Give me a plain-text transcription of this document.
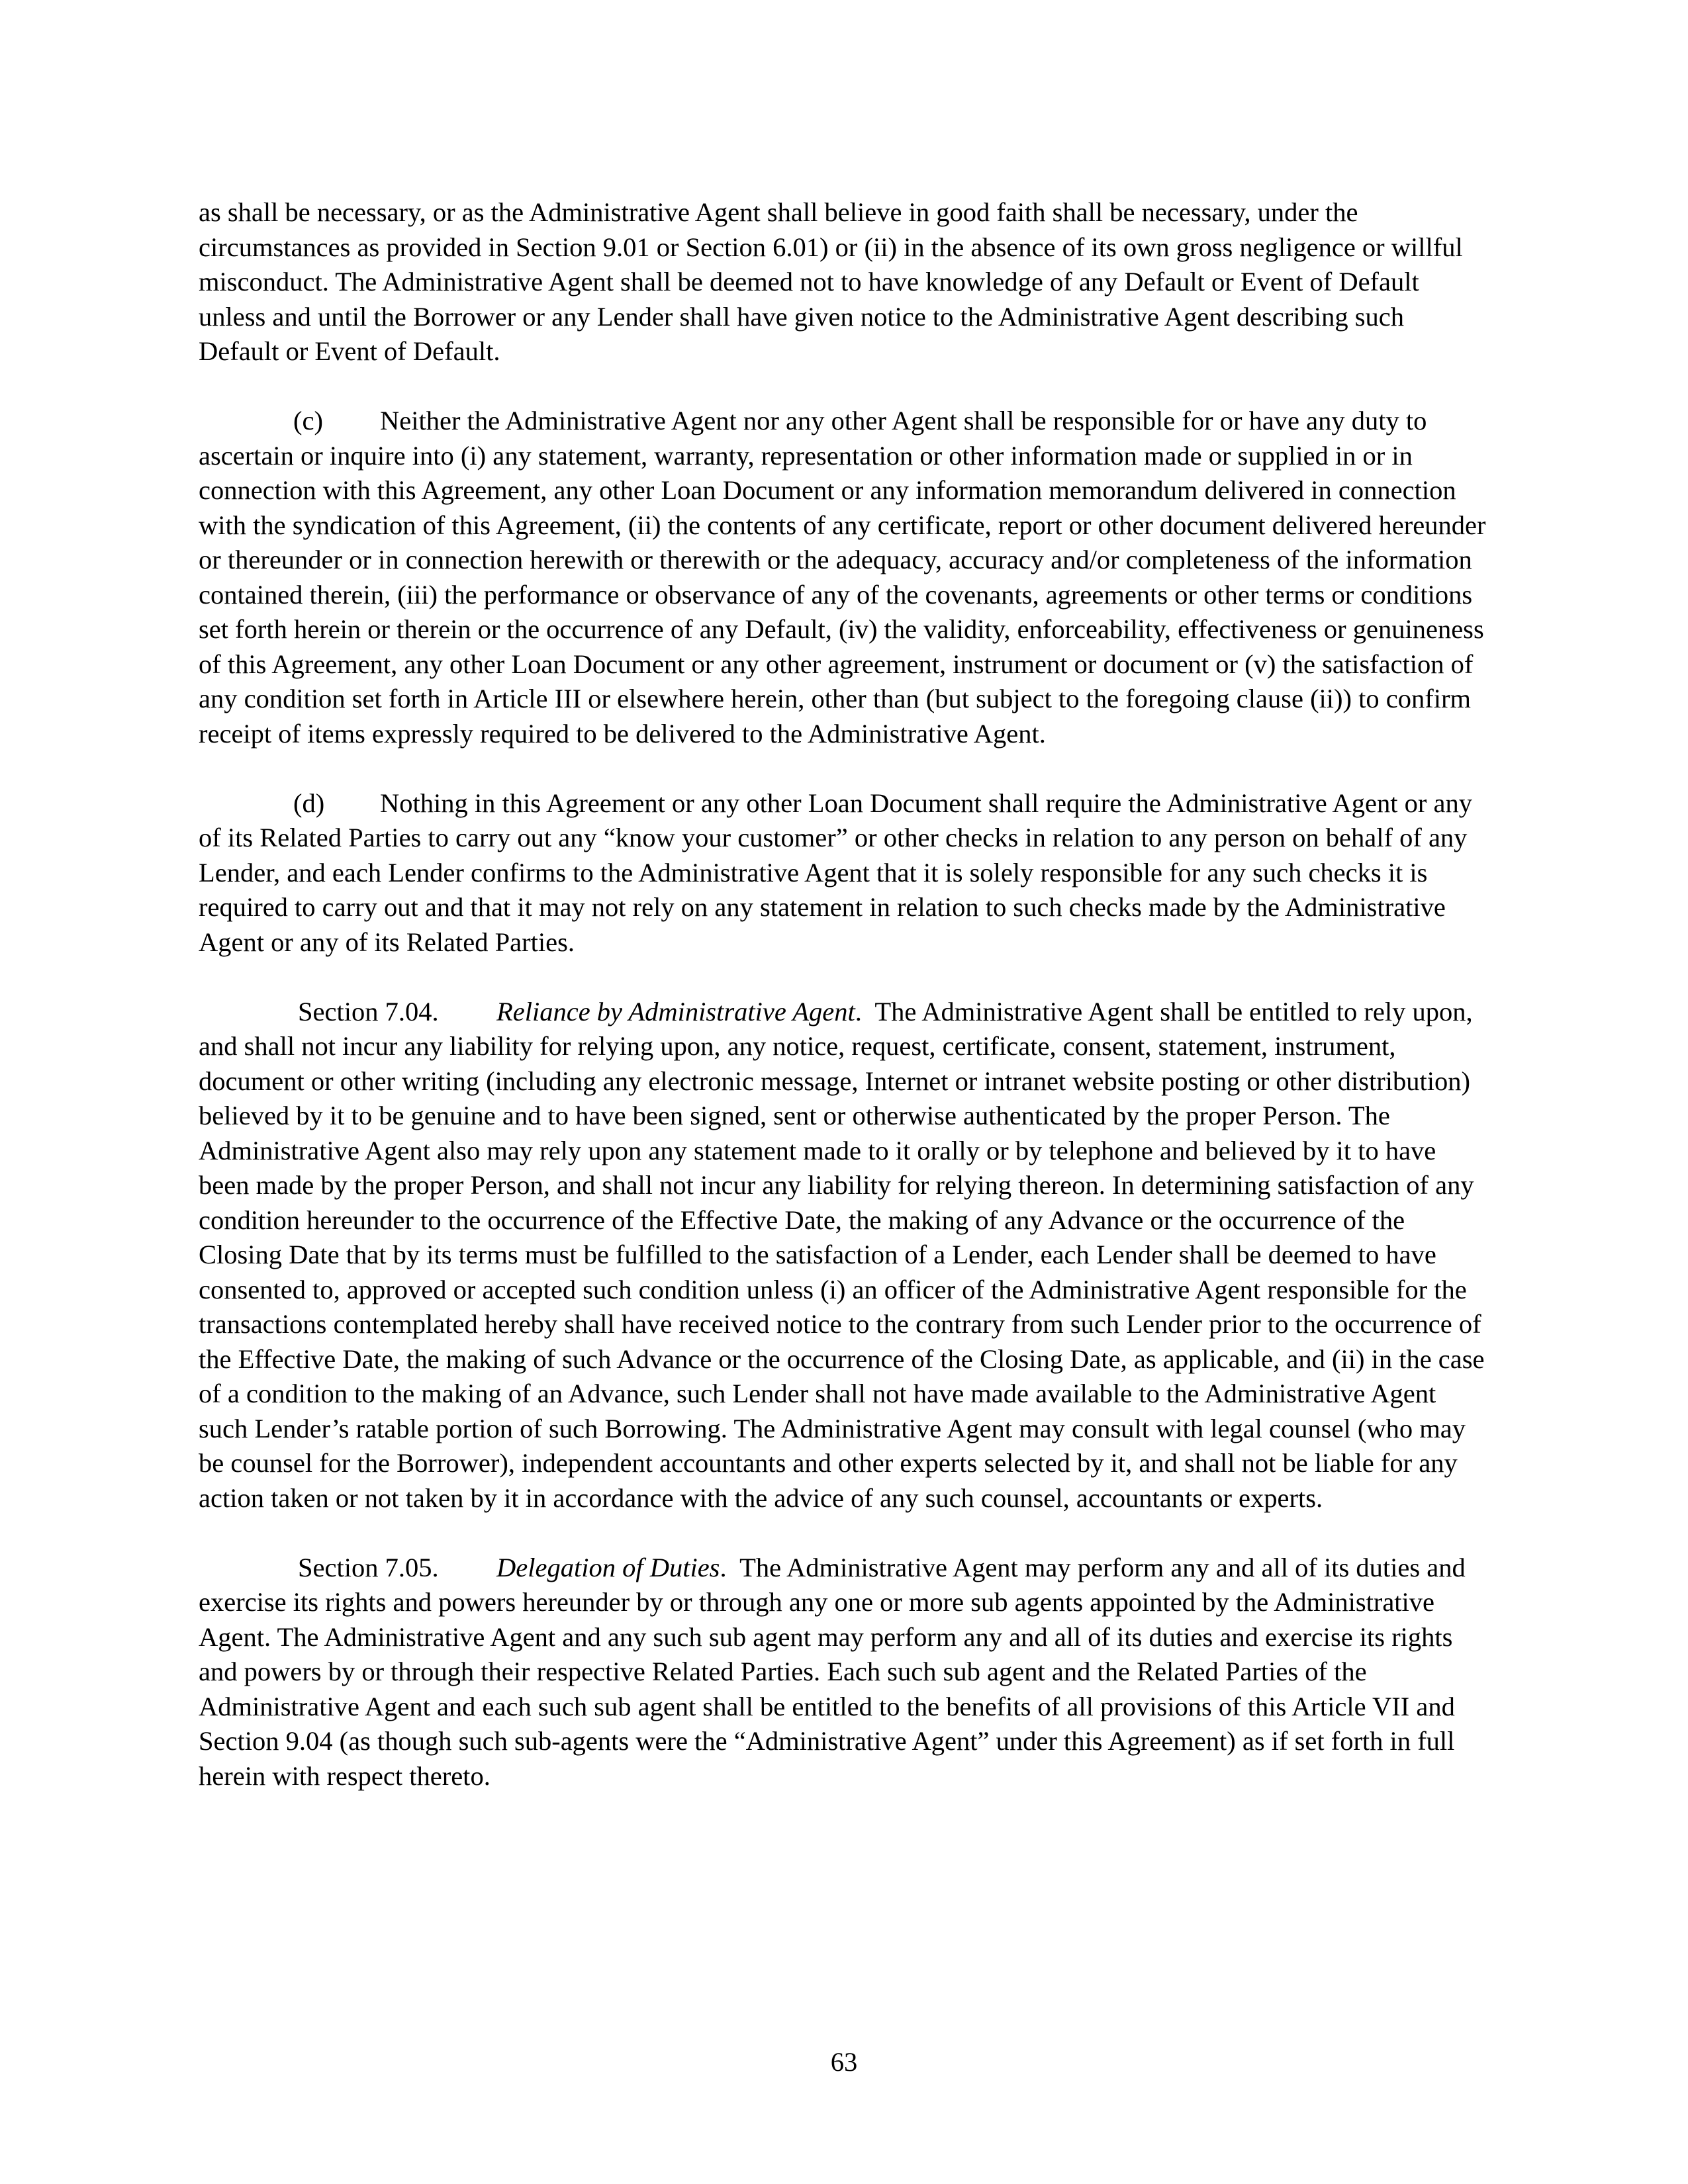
as shall be necessary, or as the Administrative Agent shall believe in good faith shall be necessary, under the circumstances as provided in Section 9.01 or Section 6.01) or (ii) in the absence of its own gross negligence or willful misconduct. The Administrative Agent shall be deemed not to have knowledge of any Default or Event of Default unless and until the Borrower or any Lender shall have given notice to the Administrative Agent describing such Default or Event of Default.

(c) Neither the Administrative Agent nor any other Agent shall be responsible for or have any duty to ascertain or inquire into (i) any statement, warranty, representation or other information made or supplied in or in connection with this Agreement, any other Loan Document or any information memorandum delivered in connection with the syndication of this Agreement, (ii) the contents of any certificate, report or other document delivered hereunder or thereunder or in connection herewith or therewith or the adequacy, accuracy and/or completeness of the information contained therein, (iii) the performance or observance of any of the covenants, agreements or other terms or conditions set forth herein or therein or the occurrence of any Default, (iv) the validity, enforceability, effectiveness or genuineness of this Agreement, any other Loan Document or any other agreement, instrument or document or (v) the satisfaction of any condition set forth in Article III or elsewhere herein, other than (but subject to the foregoing clause (ii)) to confirm receipt of items expressly required to be delivered to the Administrative Agent.

(d) Nothing in this Agreement or any other Loan Document shall require the Administrative Agent or any of its Related Parties to carry out any “know your customer” or other checks in relation to any person on behalf of any Lender, and each Lender confirms to the Administrative Agent that it is solely responsible for any such checks it is required to carry out and that it may not rely on any statement in relation to such checks made by the Administrative Agent or any of its Related Parties.

Section 7.04. Reliance by Administrative Agent. The Administrative Agent shall be entitled to rely upon, and shall not incur any liability for relying upon, any notice, request, certificate, consent, statement, instrument, document or other writing (including any electronic message, Internet or intranet website posting or other distribution) believed by it to be genuine and to have been signed, sent or otherwise authenticated by the proper Person. The Administrative Agent also may rely upon any statement made to it orally or by telephone and believed by it to have been made by the proper Person, and shall not incur any liability for relying thereon. In determining satisfaction of any condition hereunder to the occurrence of the Effective Date, the making of any Advance or the occurrence of the Closing Date that by its terms must be fulfilled to the satisfaction of a Lender, each Lender shall be deemed to have consented to, approved or accepted such condition unless (i) an officer of the Administrative Agent responsible for the transactions contemplated hereby shall have received notice to the contrary from such Lender prior to the occurrence of the Effective Date, the making of such Advance or the occurrence of the Closing Date, as applicable, and (ii) in the case of a condition to the making of an Advance, such Lender shall not have made available to the Administrative Agent such Lender’s ratable portion of such Borrowing. The Administrative Agent may consult with legal counsel (who may be counsel for the Borrower), independent accountants and other experts selected by it, and shall not be liable for any action taken or not taken by it in accordance with the advice of any such counsel, accountants or experts.

Section 7.05. Delegation of Duties. The Administrative Agent may perform any and all of its duties and exercise its rights and powers hereunder by or through any one or more sub agents appointed by the Administrative Agent. The Administrative Agent and any such sub agent may perform any and all of its duties and exercise its rights and powers by or through their respective Related Parties. Each such sub agent and the Related Parties of the Administrative Agent and each such sub agent shall be entitled to the benefits of all provisions of this Article VII and Section 9.04 (as though such sub-agents were the “Administrative Agent” under this Agreement) as if set forth in full herein with respect thereto.

63
